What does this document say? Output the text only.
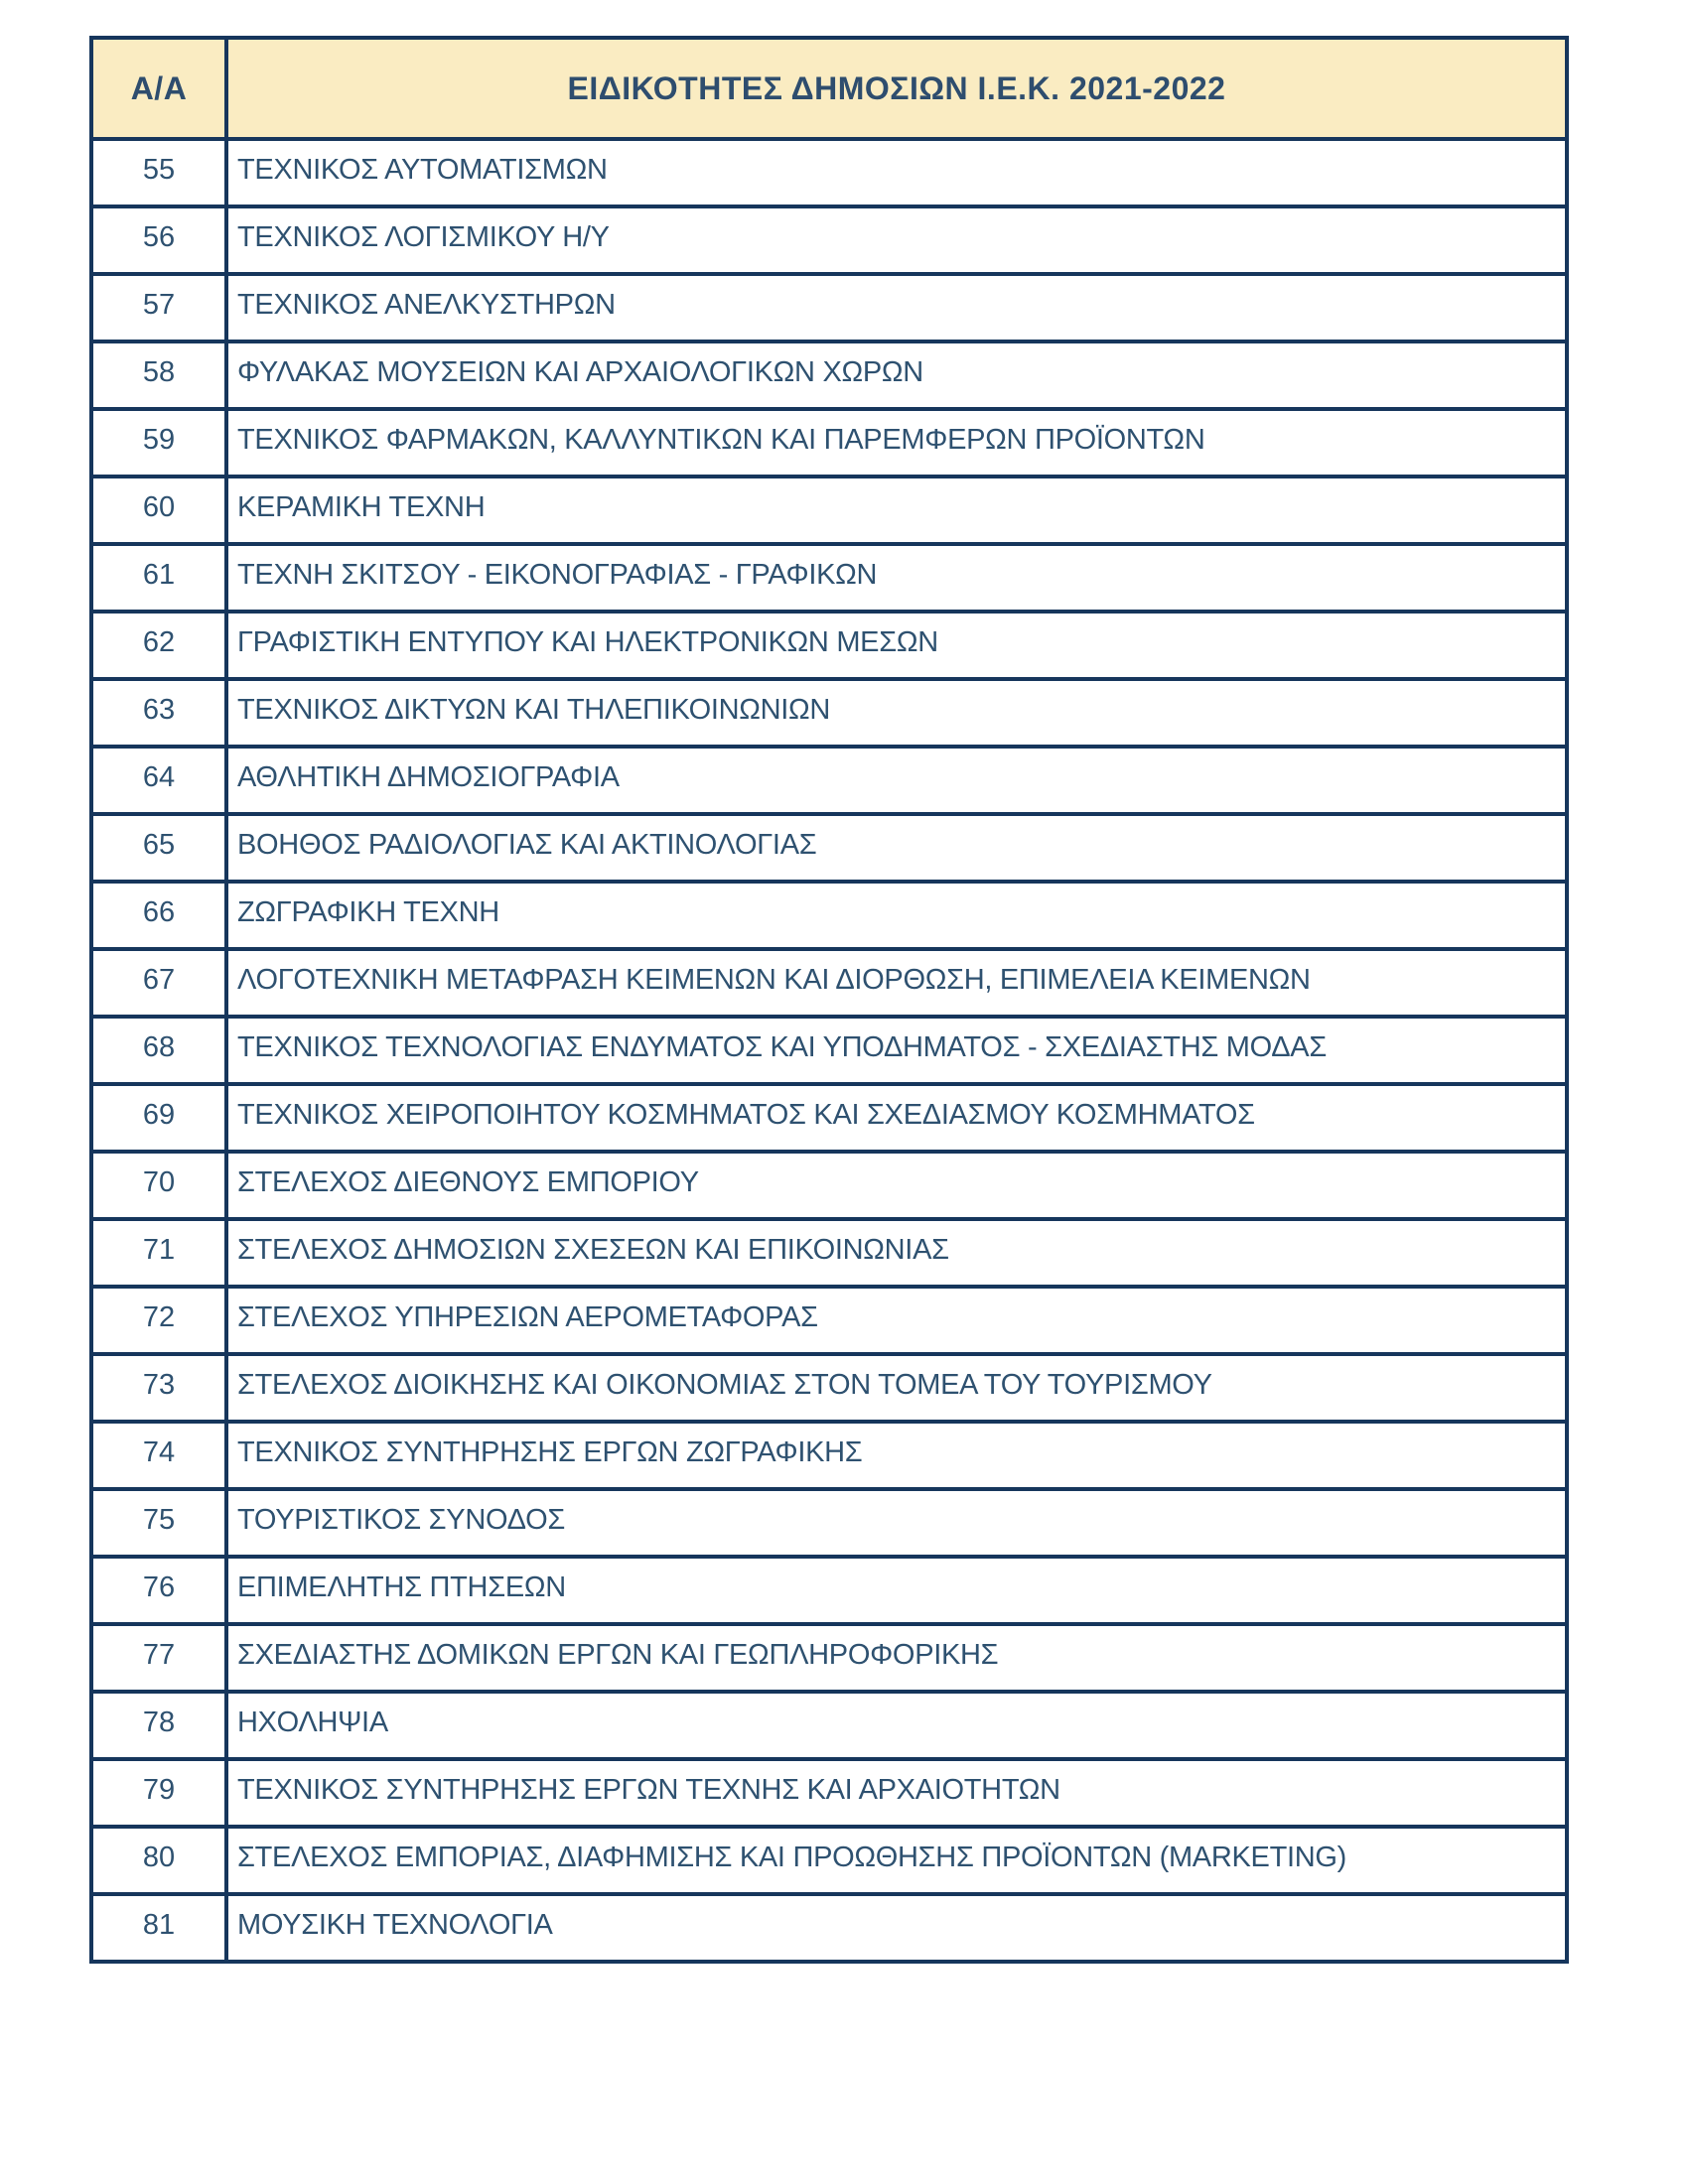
Α/Α	ΕΙΔΙΚΟΤΗΤΕΣ ΔΗΜΟΣΙΩΝ Ι.Ε.Κ. 2021-2022
55	ΤΕΧΝΙΚΟΣ ΑΥΤΟΜΑΤΙΣΜΩΝ
56	ΤΕΧΝΙΚΟΣ ΛΟΓΙΣΜΙΚΟΥ Η/Υ
57	ΤΕΧΝΙΚΟΣ ΑΝΕΛΚΥΣΤΗΡΩΝ
58	ΦΥΛΑΚΑΣ ΜΟΥΣΕΙΩΝ ΚΑΙ ΑΡΧΑΙΟΛΟΓΙΚΩΝ ΧΩΡΩΝ
59	ΤΕΧΝΙΚΟΣ ΦΑΡΜΑΚΩΝ, ΚΑΛΛΥΝΤΙΚΩΝ ΚΑΙ ΠΑΡΕΜΦΕΡΩΝ ΠΡΟΪΟΝΤΩΝ
60	ΚΕΡΑΜΙΚΗ ΤΕΧΝΗ
61	ΤΕΧΝΗ ΣΚΙΤΣΟΥ - ΕΙΚΟΝΟΓΡΑΦΙΑΣ - ΓΡΑΦΙΚΩΝ
62	ΓΡΑΦΙΣΤΙΚΗ ΕΝΤΥΠΟΥ ΚΑΙ ΗΛΕΚΤΡΟΝΙΚΩΝ ΜΕΣΩΝ
63	ΤΕΧΝΙΚΟΣ ΔΙΚΤΥΩΝ ΚΑΙ ΤΗΛΕΠΙΚΟΙΝΩΝΙΩΝ
64	ΑΘΛΗΤΙΚΗ ΔΗΜΟΣΙΟΓΡΑΦΙΑ
65	ΒΟΗΘΟΣ ΡΑΔΙΟΛΟΓΙΑΣ ΚΑΙ ΑΚΤΙΝΟΛΟΓΙΑΣ
66	ΖΩΓΡΑΦΙΚΗ ΤΕΧΝΗ
67	ΛΟΓΟΤΕΧΝΙΚΗ ΜΕΤΑΦΡΑΣΗ ΚΕΙΜΕΝΩΝ ΚΑΙ ΔΙΟΡΘΩΣΗ, ΕΠΙΜΕΛΕΙΑ ΚΕΙΜΕΝΩΝ
68	ΤΕΧΝΙΚΟΣ ΤΕΧΝΟΛΟΓΙΑΣ ΕΝΔΥΜΑΤΟΣ ΚΑΙ ΥΠΟΔΗΜΑΤΟΣ - ΣΧΕΔΙΑΣΤΗΣ ΜΟΔΑΣ
69	ΤΕΧΝΙΚΟΣ ΧΕΙΡΟΠΟΙΗΤΟΥ ΚΟΣΜΗΜΑΤΟΣ ΚΑΙ ΣΧΕΔΙΑΣΜΟΥ ΚΟΣΜΗΜΑΤΟΣ
70	ΣΤΕΛΕΧΟΣ ΔΙΕΘΝΟΥΣ ΕΜΠΟΡΙΟΥ
71	ΣΤΕΛΕΧΟΣ ΔΗΜΟΣΙΩΝ ΣΧΕΣΕΩΝ ΚΑΙ ΕΠΙΚΟΙΝΩΝΙΑΣ
72	ΣΤΕΛΕΧΟΣ ΥΠΗΡΕΣΙΩΝ ΑΕΡΟΜΕΤΑΦΟΡΑΣ
73	ΣΤΕΛΕΧΟΣ ΔΙΟΙΚΗΣΗΣ ΚΑΙ ΟΙΚΟΝΟΜΙΑΣ ΣΤΟΝ ΤΟΜΕΑ ΤΟΥ ΤΟΥΡΙΣΜΟΥ
74	ΤΕΧΝΙΚΟΣ ΣΥΝΤΗΡΗΣΗΣ ΕΡΓΩΝ ΖΩΓΡΑΦΙΚΗΣ
75	ΤΟΥΡΙΣΤΙΚΟΣ ΣΥΝΟΔΟΣ
76	ΕΠΙΜΕΛΗΤΗΣ ΠΤΗΣΕΩΝ
77	ΣΧΕΔΙΑΣΤΗΣ ΔΟΜΙΚΩΝ ΕΡΓΩΝ ΚΑΙ ΓΕΩΠΛΗΡΟΦΟΡΙΚΗΣ
78	ΗΧΟΛΗΨΙΑ
79	ΤΕΧΝΙΚΟΣ ΣΥΝΤΗΡΗΣΗΣ ΕΡΓΩΝ ΤΕΧΝΗΣ ΚΑΙ ΑΡΧΑΙΟΤΗΤΩΝ
80	ΣΤΕΛΕΧΟΣ ΕΜΠΟΡΙΑΣ, ΔΙΑΦΗΜΙΣΗΣ ΚΑΙ ΠΡΟΩΘΗΣΗΣ ΠΡΟΪΟΝΤΩΝ (MARKETING)
81	ΜΟΥΣΙΚΗ ΤΕΧΝΟΛΟΓΙΑ
